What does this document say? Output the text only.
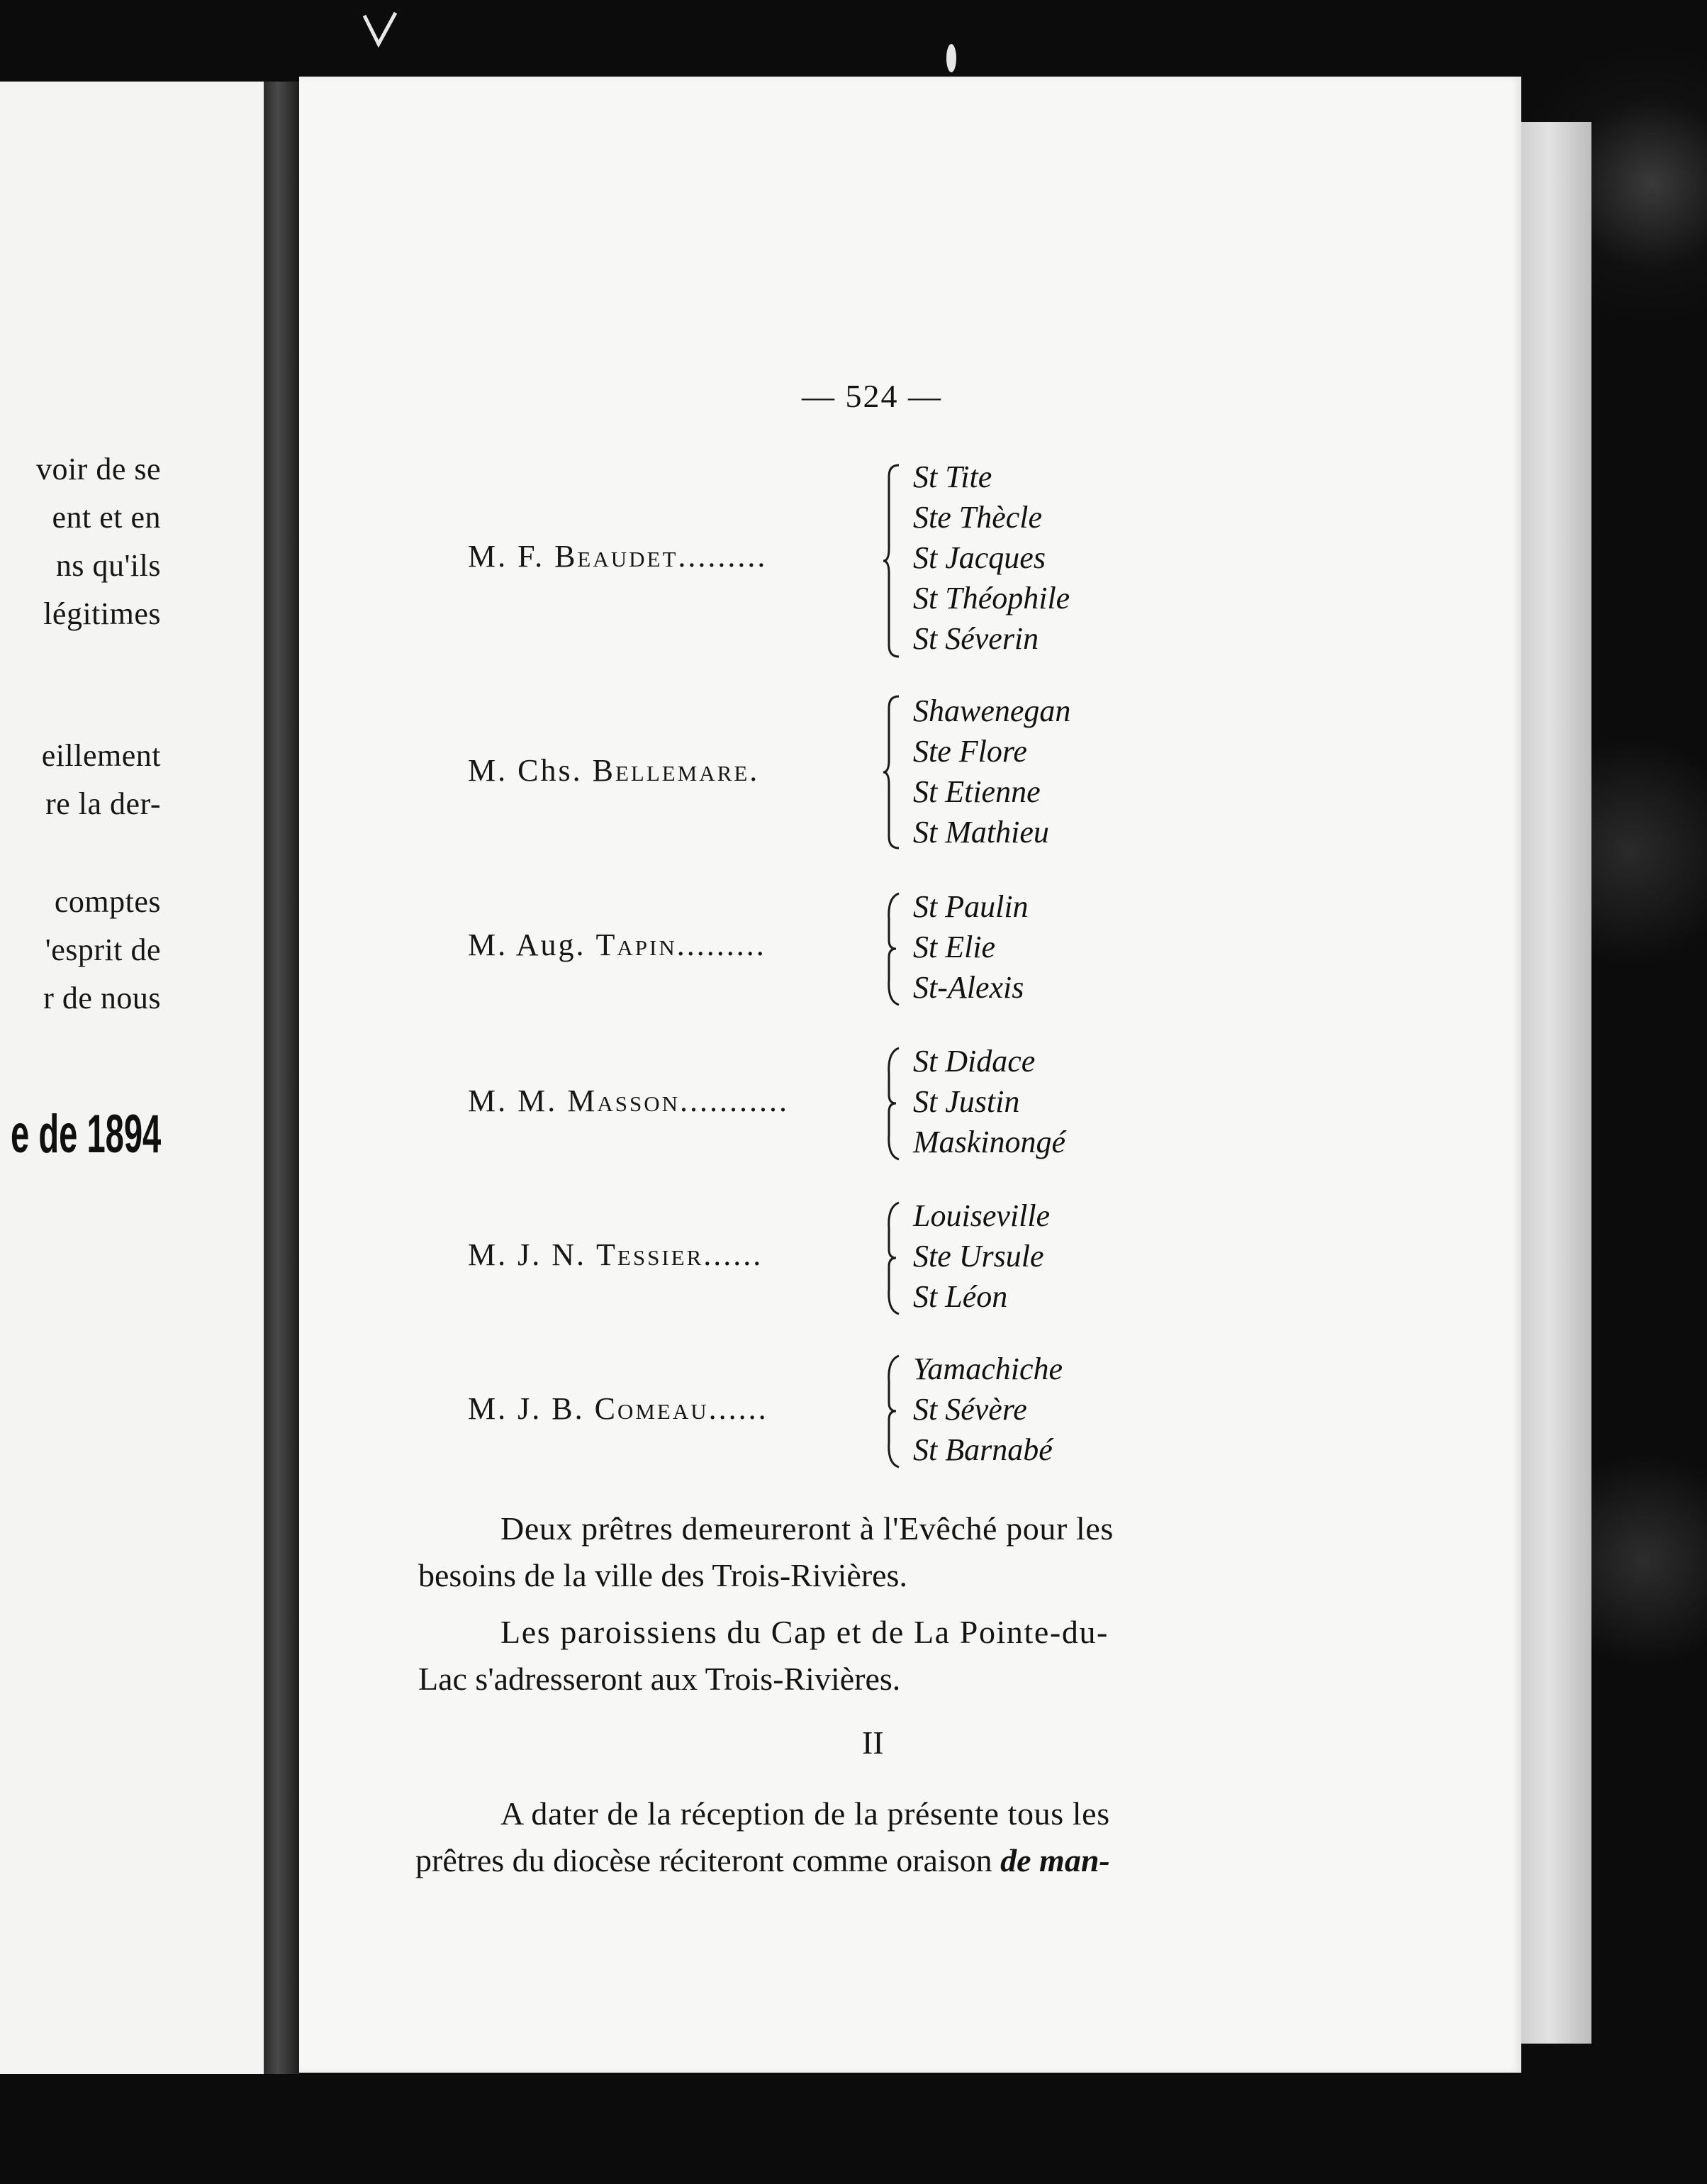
voir de se
ent et en
ns qu'ils
légitimes
eillement
re la der-
comptes
'esprit de
r de nous
e de 1894
— 524 —
M. F. Beaudet.........
St Tite
Ste Thècle
St Jacques
St Théophile
St Séverin
M. Chs. Bellemare.
Shawenegan
Ste Flore
St Etienne
St Mathieu
M. Aug. Tapin.........
St Paulin
St Elie
St-Alexis
M. M. Masson...........
St Didace
St Justin
Maskinongé
M. J. N. Tessier......
Louiseville
Ste Ursule
St Léon
M. J. B. Comeau......
Yamachiche
St Sévère
St Barnabé
Deux prêtres demeureront à l'Evêché pour les
besoins de la ville des Trois-Rivières.
Les paroissiens du Cap et de La Pointe-du-
Lac s'adresseront aux Trois-Rivières.
II
A dater de la réception de la présente tous les
prêtres du diocèse réciteront comme oraison de man-
